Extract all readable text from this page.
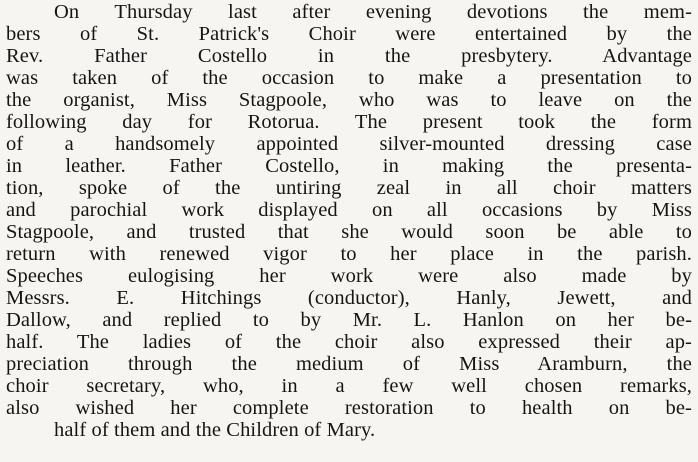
On Thursday last after evening devotions the mem-
bers of St. Patrick's Choir were entertained by the
Rev. Father Costello in the presbytery. Advantage
was taken of the occasion to make a presentation to
the organist, Miss Stagpoole, who was to leave on the
following day for Rotorua. The present took the form
of a handsomely appointed silver-mounted dressing case
in leather. Father Costello, in making the presenta-
tion, spoke of the untiring zeal in all choir matters
and parochial work displayed on all occasions by Miss
Stagpoole, and trusted that she would soon be able to
return with renewed vigor to her place in the parish.
Speeches eulogising her work were also made by
Messrs. E. Hitchings (conductor), Hanly, Jewett, and
Dallow, and replied to by Mr. L. Hanlon on her be-
half. The ladies of the choir also expressed their ap-
preciation through the medium of Miss Aramburn, the
choir secretary, who, in a few well chosen remarks,
also wished her complete restoration to health on be-
half of them and the Children of Mary.
